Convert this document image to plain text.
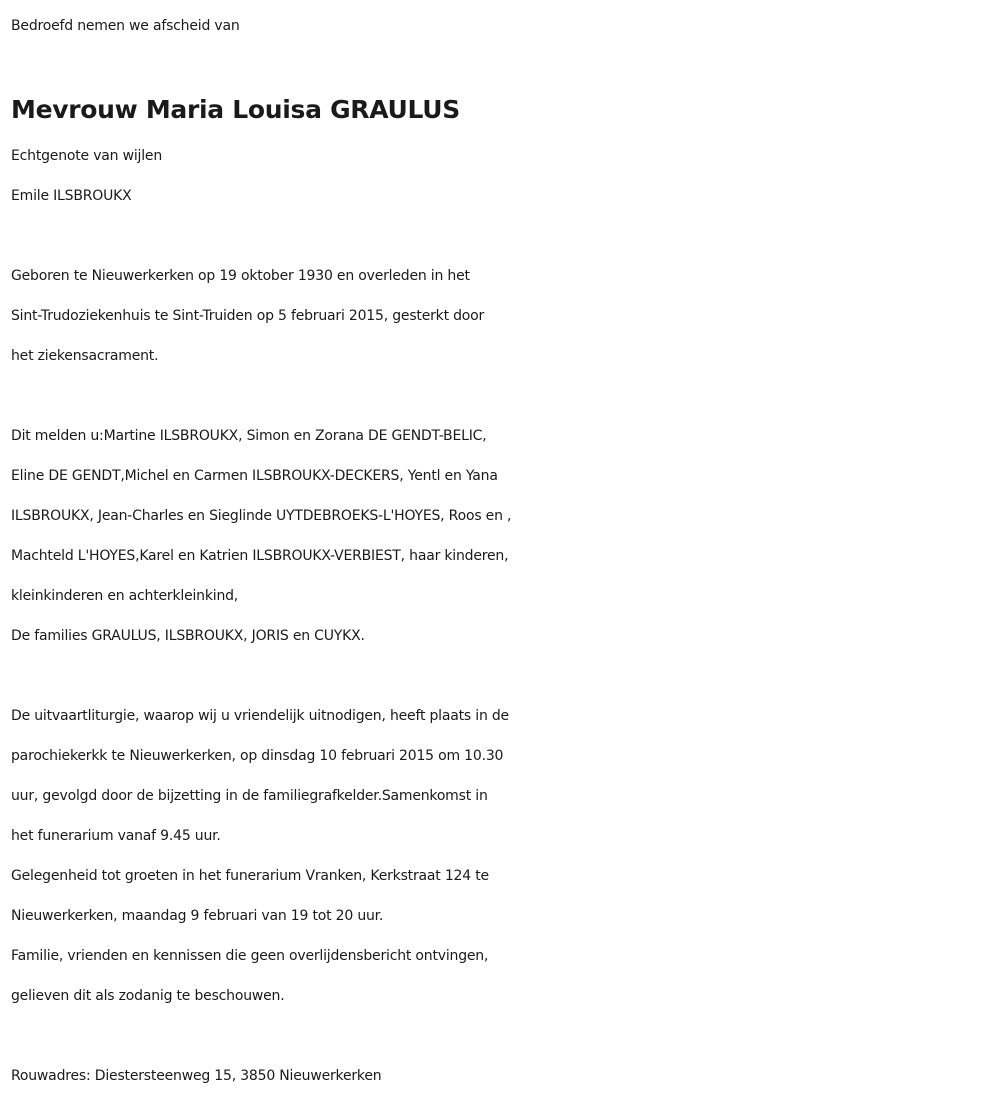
Bedroefd nemen we afscheid van
Mevrouw Maria Louisa GRAULUS
Echtgenote van wijlen
Emile ILSBROUKX
Geboren te Nieuwerkerken op 19 oktober 1930 en overleden in het
Sint-Trudoziekenhuis te Sint-Truiden op 5 februari 2015, gesterkt door
het ziekensacrament.
Dit melden u:Martine ILSBROUKX, Simon en Zorana DE GENDT-BELIC,
Eline DE GENDT,Michel en Carmen ILSBROUKX-DECKERS, Yentl en Yana
ILSBROUKX, Jean-Charles en Sieglinde UYTDEBROEKS-L'HOYES, Roos en ,
Machteld L'HOYES,Karel en Katrien ILSBROUKX-VERBIEST, haar kinderen,
kleinkinderen en achterkleinkind,
De families GRAULUS, ILSBROUKX, JORIS en CUYKX.
De uitvaartliturgie, waarop wij u vriendelijk uitnodigen, heeft plaats in de
parochiekerkk te Nieuwerkerken, op dinsdag 10 februari 2015 om 10.30
uur, gevolgd door de bijzetting in de familiegrafkelder.Samenkomst in
het funerarium vanaf 9.45 uur.
Gelegenheid tot groeten in het funerarium Vranken, Kerkstraat 124 te
Nieuwerkerken, maandag 9 februari van 19 tot 20 uur.
Familie, vrienden en kennissen die geen overlijdensbericht ontvingen,
gelieven dit als zodanig te beschouwen.
Rouwadres: Diestersteenweg 15, 3850 Nieuwerkerken
